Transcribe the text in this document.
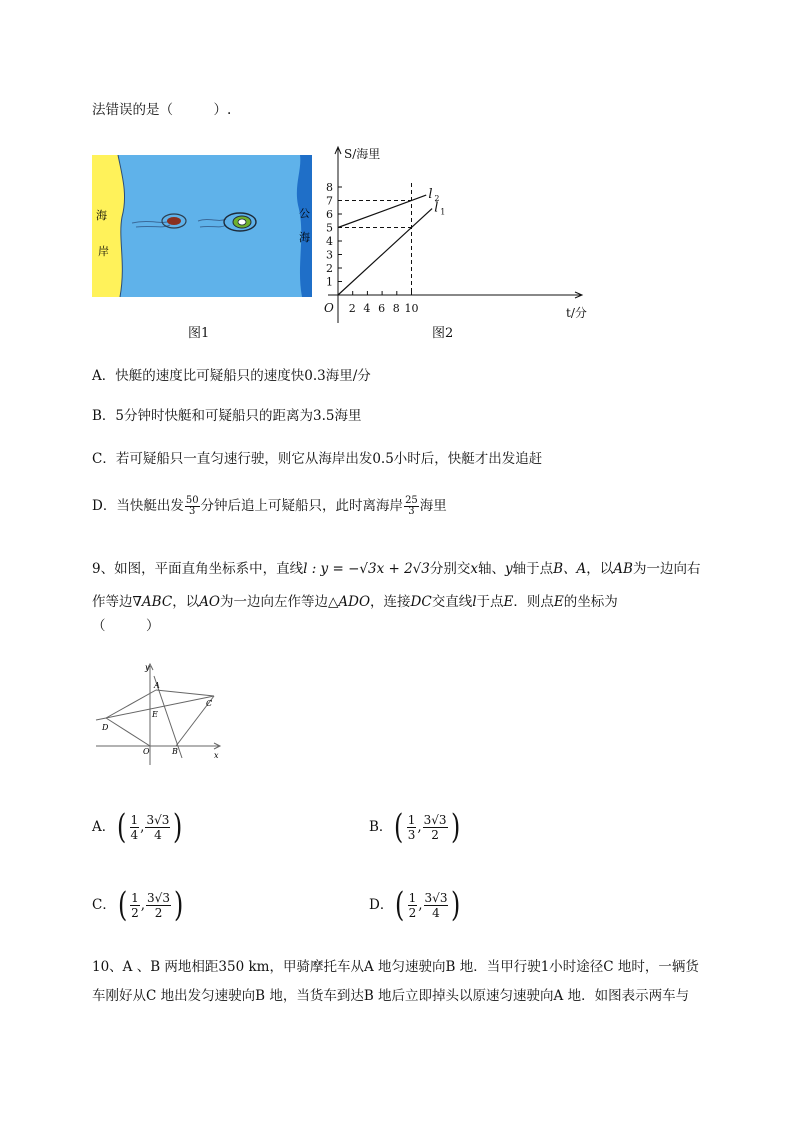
法错误的是（　　　）.
海
岸
公
海
图1
1
2
3
4
5
6
7
8
2 4 6 8 10
O
S/海里
t/分
l 2
l 1
图2
A．快艇的速度比可疑船只的速度快0.3海里/分
B．5分钟时快艇和可疑船只的距离为3.5海里
C．若可疑船只一直匀速行驶，则它从海岸出发0.5小时后，快艇才出发追赶
D．当快艇出发 $\frac{50}{3}$ 分钟后追上可疑船只，此时离海岸 $\frac{25}{3}$ 海里
9、如图，平面直角坐标系中，直线l : y = −√3x + 2√3分别交x轴、y轴于点B、A，以AB为一边向右
作等边∇ABC，以AO为一边向左作等边△ADO，连接DC交直线l于点E．则点E的坐标为
（　　　）
y
x
A
C
E
D
O	B
A． ( $\frac{1}{4}$ , $\frac{3√3}{4}$ )	B． ( $\frac{1}{3}$ , $\frac{3√3}{2}$ )
C． ( $\frac{1}{2}$ , $\frac{3√3}{2}$ )	D． ( $\frac{1}{2}$ , $\frac{3√3}{4}$ )
10、A 、B 两地相距350 km，甲骑摩托车从A 地匀速驶向B 地．当甲行驶1小时途径C 地时，一辆货
车刚好从C 地出发匀速驶向B 地，当货车到达B 地后立即掉头以原速匀速驶向A 地．如图表示两车与
